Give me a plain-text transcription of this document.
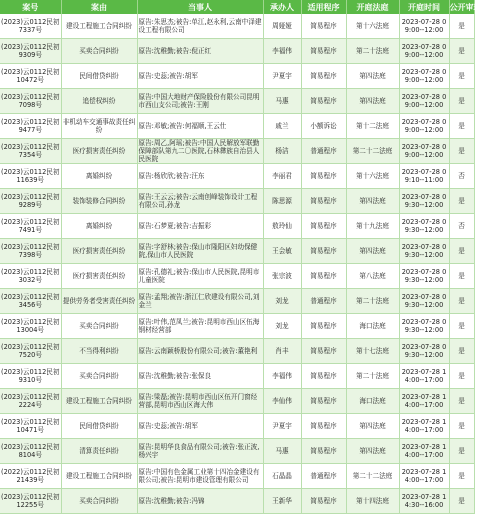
案号	案由	当事人	承办人	适用程序	开庭法庭	开庭时间	公开审理

(2023)云0112民初7337号	建设工程施工合同纠纷	原告:朱思杰;被告:单江,赵永利,云南中泽建设工程有限公司	周娅娅	简易程序	第十六法庭	2023-07-28 09:00--12:00	是

(2023)云0112民初9309号	买卖合同纠纷	原告:沈稚勤;被告:倪正红	李福伟	简易程序	第二十法庭	2023-07-28 09:00--12:00	是

(2023)云0112民初10472号	民间借贷纠纷	原告:史蕊;被告:胡军	尹夏宇	简易程序	第四法庭	2023-07-28 09:00--12:00	是

(2023)云0112民初7098号	追偿权纠纷	原告:中国大地财产保险股份有限公司昆明市西山支公司;被告:王刚	马惠	简易程序	第四法庭	2023-07-28 09:00--12:00	是

(2023)云0112民初9477号	非机动车交通事故责任纠纷	原告:邓敏;被告:何福顺,王云仕	戚兰	小额诉讼	第十二法庭	2023-07-28 09:00--12:00	是

(2023)云0112民初7354号	医疗损害责任纠纷	原告:周乙,阿瑶;被告:中国人民解放军联勤保障部队第九二〇医院,石林彝族自治县人民医院	杨洁	普通程序	第二十二法庭	2023-07-28 09:00--12:00	是

(2023)云0112民初11639号	离婚纠纷	原告:杨欣欣;被告:汪东	李丽君	简易程序	第十六法庭	2023-07-28 09:10--11:00	否

(2023)云0112民初9289号	装饰装修合同纠纷	原告:王云云;被告:云南创峰装饰设计工程有限公司,孙龙	陈思源	简易程序	第四法庭	2023-07-28 09:30--12:00	是

(2023)云0112民初7491号	离婚纠纷	原告:石梦夏;被告:吉振彩	敖玲仙	简易程序	第十九法庭	2023-07-28 09:30--12:00	否

(2023)云0112民初7398号	医疗损害责任纠纷	原告:字舒林;被告:保山市隆阳区妇幼保健院,保山市人民医院	王会敏	简易程序	第四法庭	2023-07-28 09:30--12:00	是

(2023)云0112民初3032号	医疗损害责任纠纷	原告:孔德礼;被告:保山市人民医院,昆明市儿童医院	张宗波	简易程序	第八法庭	2023-07-28 09:30--12:00	是

(2023)云0112民初3456号	提供劳务者受害责任纠纷	原告:孟翔;被告:浙江仁欣建设有限公司,刘金兰	刘龙	普通程序	第二十法庭	2023-07-28 09:30--12:00	是

(2023)云0112民初13004号	买卖合同纠纷	原告:叶伟,范凤兰;被告:昆明市西山区伍海钢材经营部	刘龙	简易程序	海口法庭	2023-07-28 09:30--12:00	是

(2023)云0112民初7520号	不当得利纠纷	原告:云南颖桥股份有限公司;被告:董艳利	肖丰	简易程序	第十七法庭	2023-07-28 09:30--12:00	是

(2023)云0112民初9310号	买卖合同纠纷	原告:沈稚勤;被告:张保良	李福伟	简易程序	第二十法庭	2023-07-28 14:00--17:00	是

(2023)云0112民初2224号	建设工程施工合同纠纷	原告:梁磊;被告:昆明市西山区伍开门窗经营部,昆明市西山区海大伟	李仙伟	简易程序	海口法庭	2023-07-28 14:00--17:00	是

(2023)云0112民初10471号	民间借贷纠纷	原告:史蕊;被告:胡军	尹夏宇	简易程序	第四法庭	2023-07-28 14:00--17:00	是

(2023)云0112民初8104号	清算责任纠纷	原告:昆明华良食品有限公司;被告:张正波,杨兴宇	马惠	简易程序	第四法庭	2023-07-28 14:00--17:00	是

(2022)云0112民初21439号	建设工程施工合同纠纷	原告:中国有色金属工业第十四冶金建设有限公司;被告:昆明市建设管理有限公司	石晶晶	普通程序	第二十二法庭	2023-07-28 14:00--17:00	是

(2023)云0112民初12255号	买卖合同纠纷	原告:沈稚勤;被告:冯锦	王新华	简易程序	第十四法庭	2023-07-28 14:30--16:00	是
